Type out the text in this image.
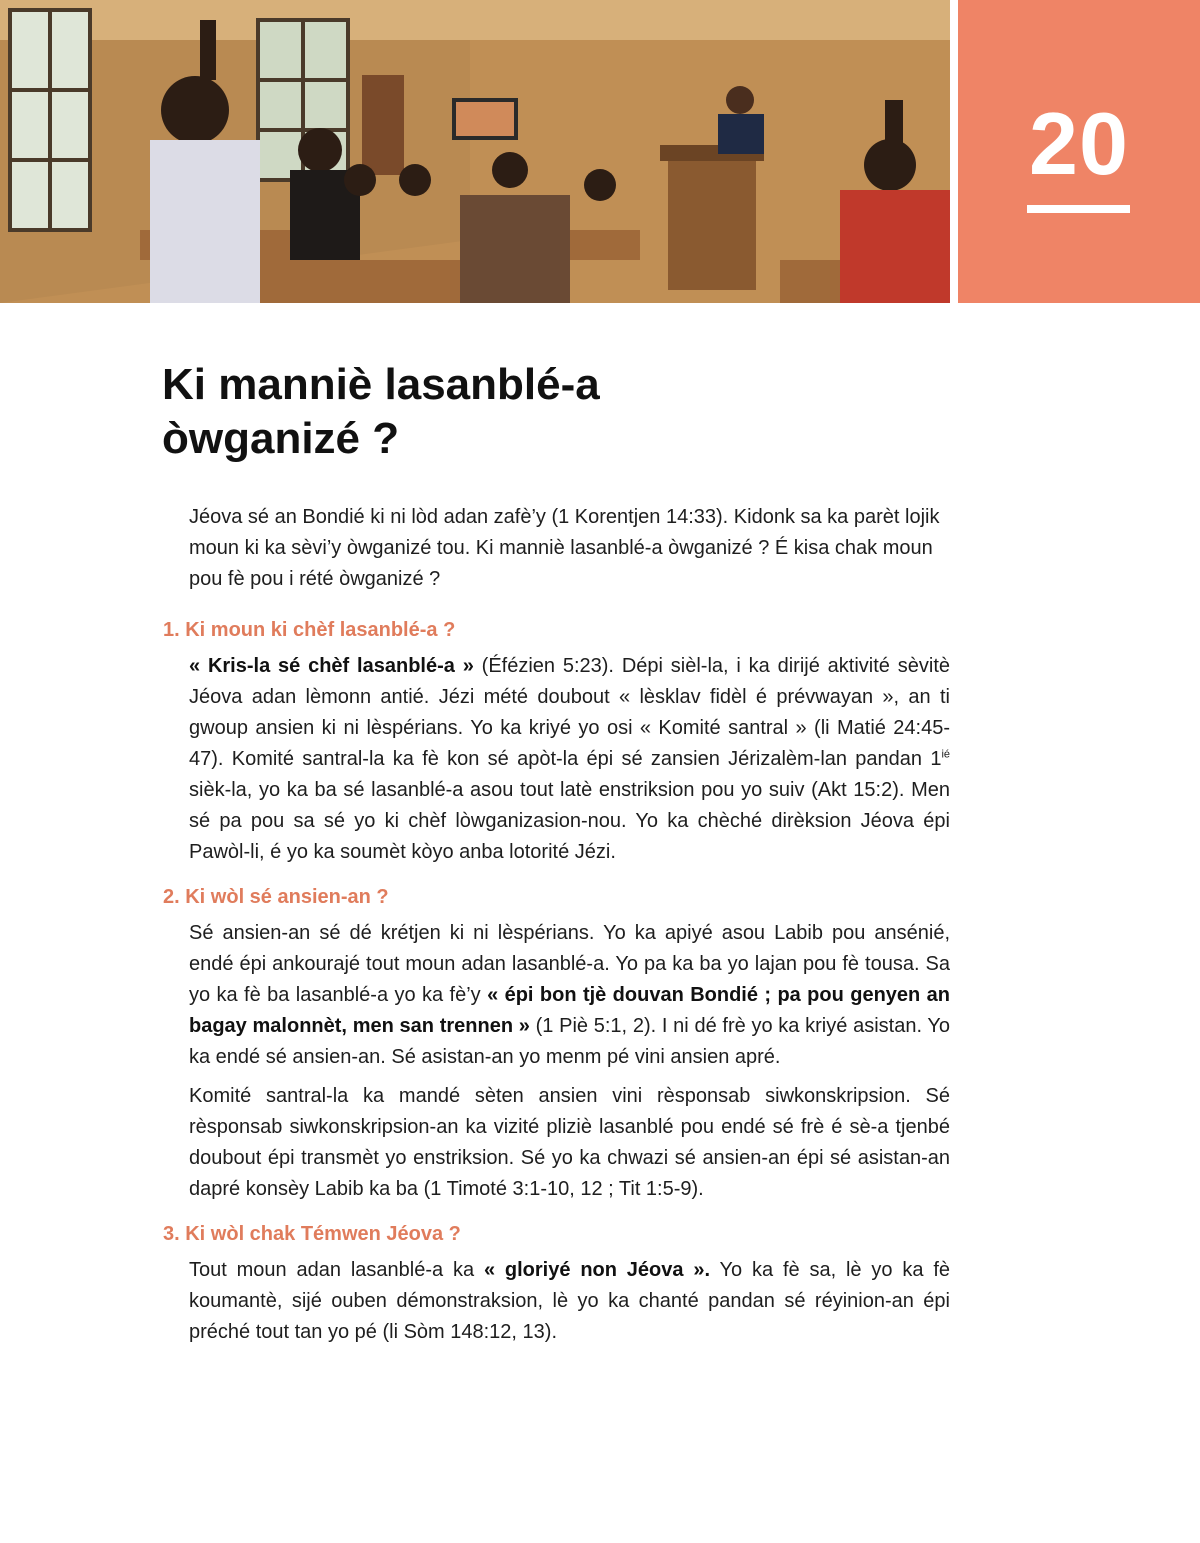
20
Ki manniè lasanblé-a
òwganizé ?

Jéova sé an Bondié ki ni lòd adan zafè’y (1 Korentjen 14:33). Kidonk sa ka parèt lojik moun ki ka sèvi’y òwganizé tou. Ki manniè lasanblé-a òwganizé ? É kisa chak moun pou fè pou i rété òwganizé ?

1. Ki moun ki chèf lasanblé-a ?

« Kris-la sé chèf lasanblé-a » (Éfézien 5:23). Dépi sièl-la, i ka dirijé aktivité sèvitè Jéova adan lèmonn antié. Jézi mété doubout « lèsklav fidèl é prévwayan », an ti gwoup ansien ki ni lèspérians. Yo ka kriyé yo osi « Komité santral » (li Matié 24:45-47). Komité santral-la ka fè kon sé apòt-la épi sé zansien Jérizalèm-lan pandan $1^{ié}$ sièk-la, yo ka ba sé lasanblé-a asou tout latè enstriksion pou yo suiv (Akt 15:2). Men sé pa pou sa sé yo ki chèf lòwganizasion-nou. Yo ka chèché dirèksion Jéova épi Pawòl-li, é yo ka soumèt kòyo anba lotorité Jézi.

2. Ki wòl sé ansien-an ?

Sé ansien-an sé dé krétjen ki ni lèspérians. Yo ka apiyé asou Labib pou ansénié, endé épi ankourajé tout moun adan lasanblé-a. Yo pa ka ba yo lajan pou fè tousa. Sa yo ka fè ba lasanblé-a yo ka fè’y « épi bon tjè douvan Bondié ; pa pou genyen an bagay malonnèt, men san trennen » (1 Piè 5:1, 2). I ni dé frè yo ka kriyé asistan. Yo ka endé sé ansien-an. Sé asistan-an yo menm pé vini ansien apré.

Komité santral-la ka mandé sèten ansien vini rèsponsab siwkonskripsion. Sé rèsponsab siwkonskripsion-an ka vizité pliziè lasanblé pou endé sé frè é sè-a tjenbé doubout épi transmèt yo enstriksion. Sé yo ka chwazi sé ansien-an épi sé asistan-an dapré konsèy Labib ka ba (1 Timoté 3:1-10, 12 ; Tit 1:5-9).

3. Ki wòl chak Témwen Jéova ?

Tout moun adan lasanblé-a ka « gloriyé non Jéova ». Yo ka fè sa, lè yo ka fè koumantè, sijé ouben démonstraksion, lè yo ka chanté pandan sé réyinion-an épi préché tout tan yo pé (li Sòm 148:12, 13).
